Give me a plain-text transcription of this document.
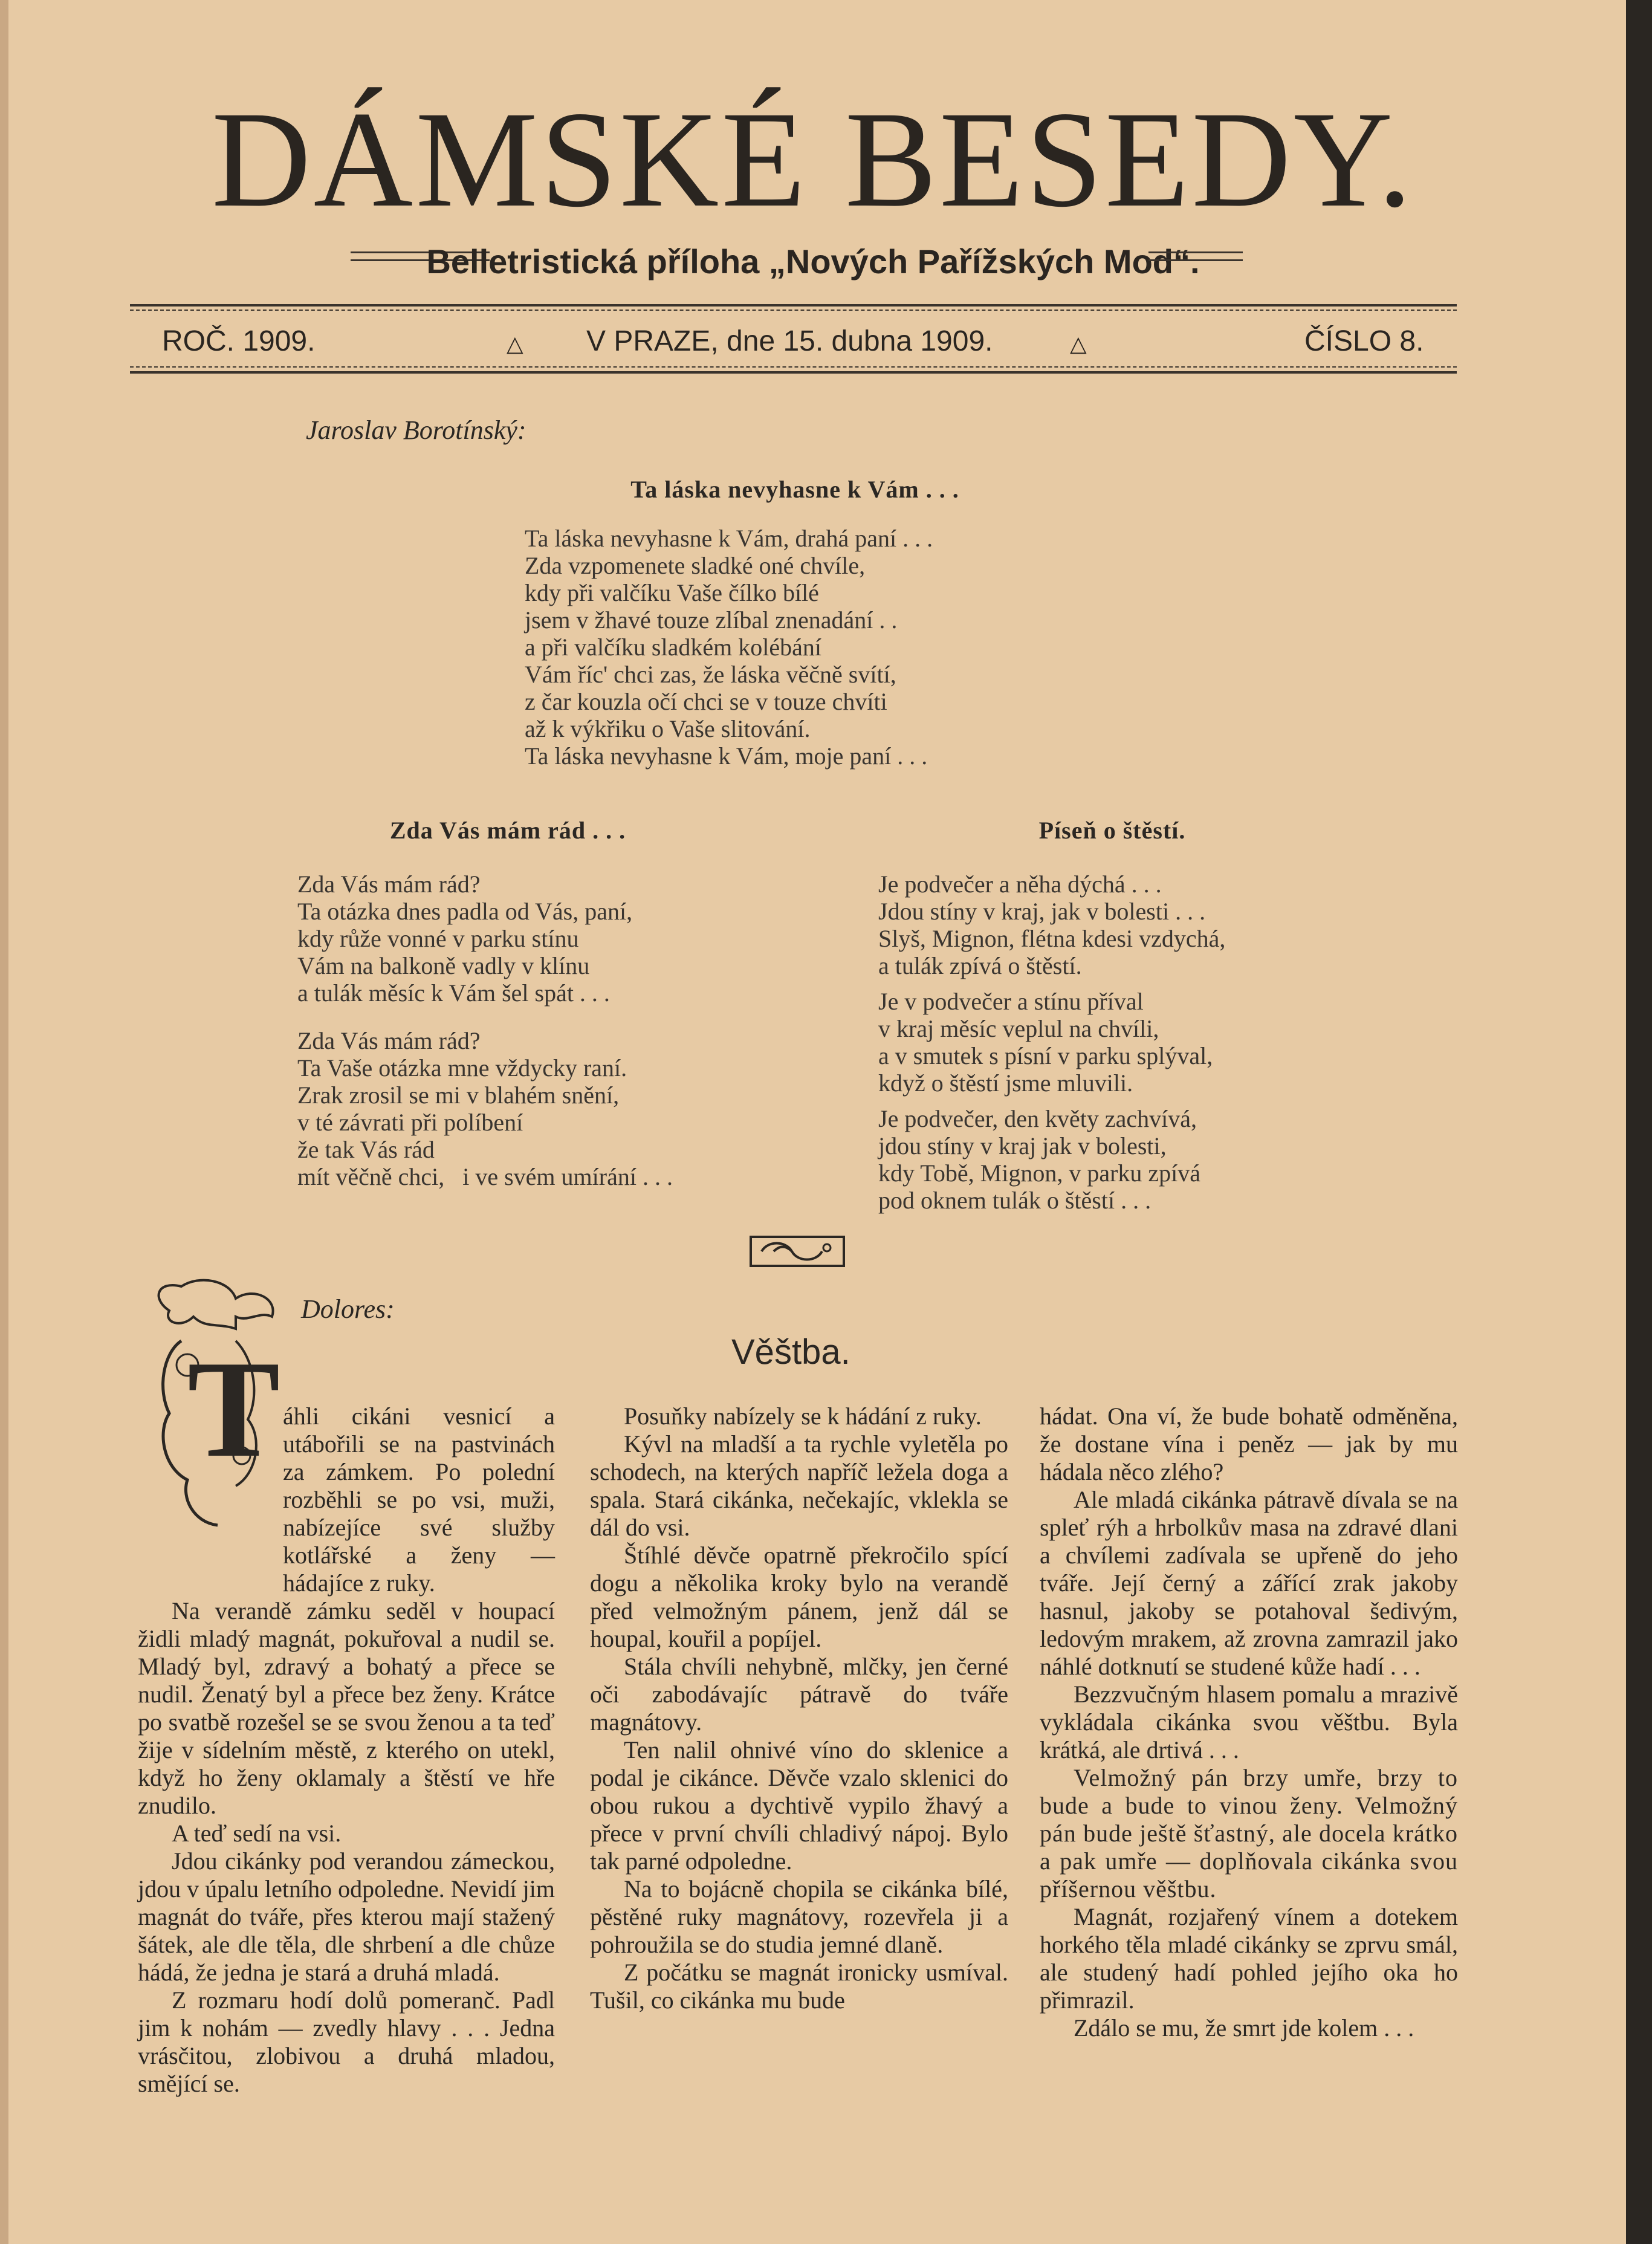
DÁMSKÉ BESEDY.
Belletristická příloha „Nových Pařížských Mod“.
ROČ. 1909.	△ V PRAZE, dne 15. dubna 1909.	△	ČÍSLO 8.
Jaroslav Borotínský:
Ta láska nevyhasne k Vám . . .
Ta láska nevyhasne k Vám, drahá paní . . .
Zda vzpomenete sladké oné chvíle,
kdy při valčíku Vaše čílko bílé
jsem v žhavé touze zlíbal znenadání . .
a při valčíku sladkém kolébání
Vám říc' chci zas, že láska věčně svítí,
z čar kouzla očí chci se v touze chvíti
až k výkřiku o Vaše slitování.
Ta láska nevyhasne k Vám, moje paní . . .
Zda Vás mám rád . . .
Zda Vás mám rád?
Ta otázka dnes padla od Vás, paní,
kdy růže vonné v parku stínu
Vám na balkoně vadly v klínu
a tulák měsíc k Vám šel spát . . .
Zda Vás mám rád?
Ta Vaše otázka mne vždycky raní.
Zrak zrosil se mi v blahém snění,
v té závrati při políbení
že tak Vás rád
mít věčně chci,   i ve svém umírání . . .
Píseň o štěstí.
Je podvečer a něha dýchá . . .
Jdou stíny v kraj, jak v bolesti . . .
Slyš, Mignon, flétna kdesi vzdychá,
a tulák zpívá o štěstí.
Je v podvečer a stínu příval
v kraj měsíc veplul na chvíli,
a v smutek s písní v parku splýval,
když o štěstí jsme mluvili.
Je podvečer, den květy zachvívá,
jdou stíny v kraj jak v bolesti,
kdy Tobě, Mignon, v parku zpívá
pod oknem tulák o štěstí . . .
T
Dolores:
Věštba.

áhli cikáni vesnicí a utábořili se na pastvinách za zámkem. Po polední rozběhli se po vsi, muži, nabízejíce své služby kotlářské a ženy — hádajíce z ruky.

Na verandě zámku seděl v houpací židli mladý magnát, pokuřoval a nudil se. Mladý byl, zdravý a bohatý a přece se nudil. Ženatý byl a přece bez ženy. Krátce po svatbě rozešel se se svou ženou a ta teď žije v sídelním městě, z kterého on utekl, když ho ženy oklamaly a štěstí ve hře znudilo.

A teď sedí na vsi.

Jdou cikánky pod verandou zámeckou, jdou v úpalu letního odpoledne. Nevidí jim magnát do tváře, přes kterou mají stažený šátek, ale dle těla, dle shrbení a dle chůze hádá, že jedna je stará a druhá mladá.

Z rozmaru hodí dolů pomeranč. Padl jim k nohám — zvedly hlavy . . . Jedna vrásčitou, zlobivou a druhá mladou, smějící se.

Posuňky nabízely se k hádání z ruky.

Kývl na mladší a ta rychle vyletěla po schodech, na kterých napříč ležela doga a spala. Stará cikánka, nečekajíc, vklekla se dál do vsi.

Štíhlé děvče opatrně překročilo spící dogu a několika kroky bylo na verandě před velmožným pánem, jenž dál se houpal, kouřil a popíjel.

Stála chvíli nehybně, mlčky, jen černé oči zabodávajíc pátravě do tváře magnátovy.

Ten nalil ohnivé víno do sklenice a podal je cikánce. Děvče vzalo sklenici do obou rukou a dychtivě vypilo žhavý a přece v první chvíli chladivý nápoj. Bylo tak parné odpoledne.

Na to bojácně chopila se cikánka bílé, pěstěné ruky magnátovy, rozevřela ji a pohroužila se do studia jemné dlaně.

Z počátku se magnát ironicky usmíval. Tušil, co cikánka mu bude

hádat. Ona ví, že bude bohatě odměněna, že dostane vína i peněz — jak by mu hádala něco zlého?

Ale mladá cikánka pátravě dívala se na spleť rýh a hrbolkův masa na zdravé dlani a chvílemi zadívala se upřeně do jeho tváře. Její černý a zářící zrak jakoby hasnul, jakoby se potahoval šedivým, ledovým mrakem, až zrovna zamrazil jako náhlé dotknutí se studené kůže hadí . . .

Bezzvučným hlasem pomalu a mrazivě vykládala cikánka svou věštbu. Byla krátká, ale drtivá . . .

Velmožný pán brzy umře, brzy to bude a bude to vinou ženy. Velmožný pán bude ještě šťastný, ale docela krátko a pak umře — doplňovala cikánka svou příšernou věštbu.

Magnát, rozjařený vínem a dotekem horkého těla mladé cikánky se zprvu smál, ale studený hadí pohled jejího oka ho přimrazil.

Zdálo se mu, že smrt jde kolem . . .
